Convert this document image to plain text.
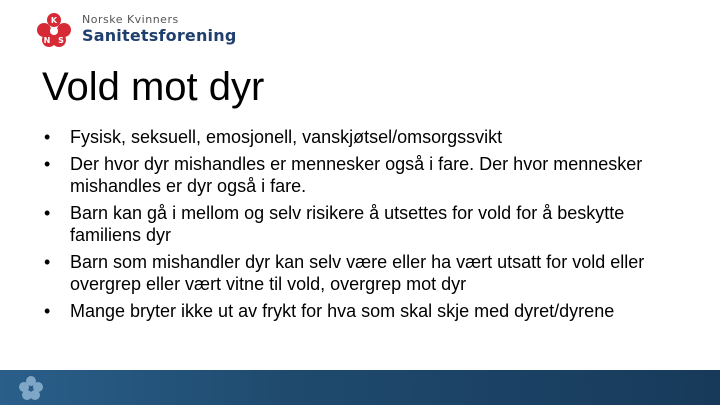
K
N S
Norske Kvinners
Sanitetsforening
Vold mot dyr
• Fysisk, seksuell, emosjonell, vanskjøtsel/omsorgssvikt
• Der hvor dyr mishandles er mennesker også i fare. Der hvor mennesker mishandles er dyr også i fare.
• Barn kan gå i mellom og selv risikere å utsettes for vold for å beskytte familiens dyr
• Barn som mishandler dyr kan selv være eller ha vært utsatt for vold eller overgrep eller vært vitne til vold, overgrep mot dyr
• Mange bryter ikke ut av frykt for hva som skal skje med dyret/dyrene
